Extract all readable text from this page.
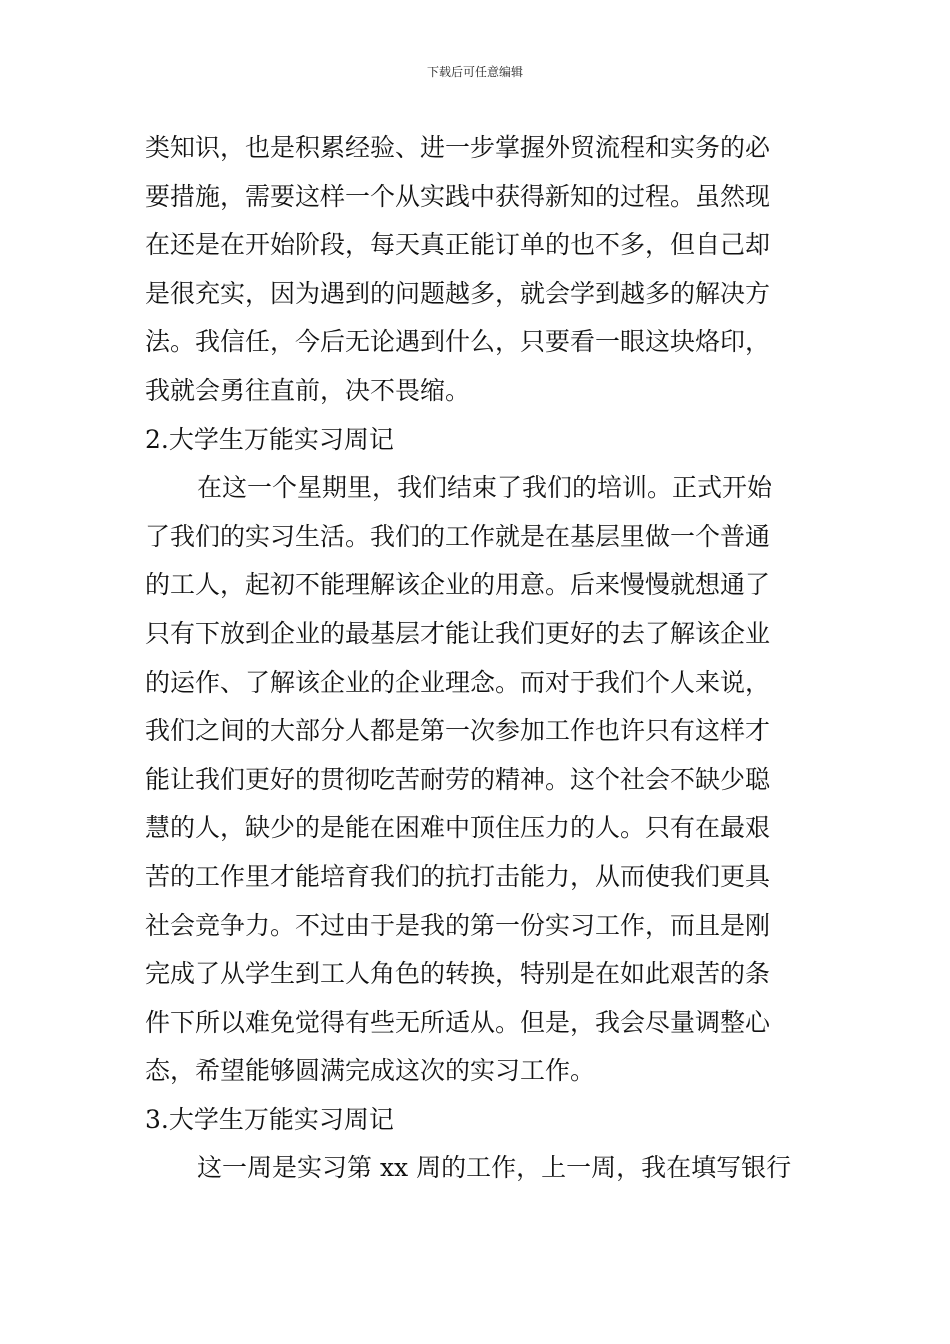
下载后可任意编辑
类知识，也是积累经验、进一步掌握外贸流程和实务的必
要措施，需要这样一个从实践中获得新知的过程。虽然现
在还是在开始阶段，每天真正能订单的也不多，但自己却
是很充实，因为遇到的问题越多，就会学到越多的解决方
法。我信任，今后无论遇到什么，只要看一眼这块烙印，
我就会勇往直前，决不畏缩。
2.大学生万能实习周记
在这一个星期里，我们结束了我们的培训。正式开始
了我们的实习生活。我们的工作就是在基层里做一个普通
的工人，起初不能理解该企业的用意。后来慢慢就想通了
只有下放到企业的最基层才能让我们更好的去了解该企业
的运作、了解该企业的企业理念。而对于我们个人来说，
我们之间的大部分人都是第一次参加工作也许只有这样才
能让我们更好的贯彻吃苦耐劳的精神。这个社会不缺少聪
慧的人，缺少的是能在困难中顶住压力的人。只有在最艰
苦的工作里才能培育我们的抗打击能力，从而使我们更具
社会竞争力。不过由于是我的第一份实习工作，而且是刚
完成了从学生到工人角色的转换，特别是在如此艰苦的条
件下所以难免觉得有些无所适从。但是，我会尽量调整心
态，希望能够圆满完成这次的实习工作。
3.大学生万能实习周记
这一周是实习第 xx 周的工作，上一周，我在填写银行
